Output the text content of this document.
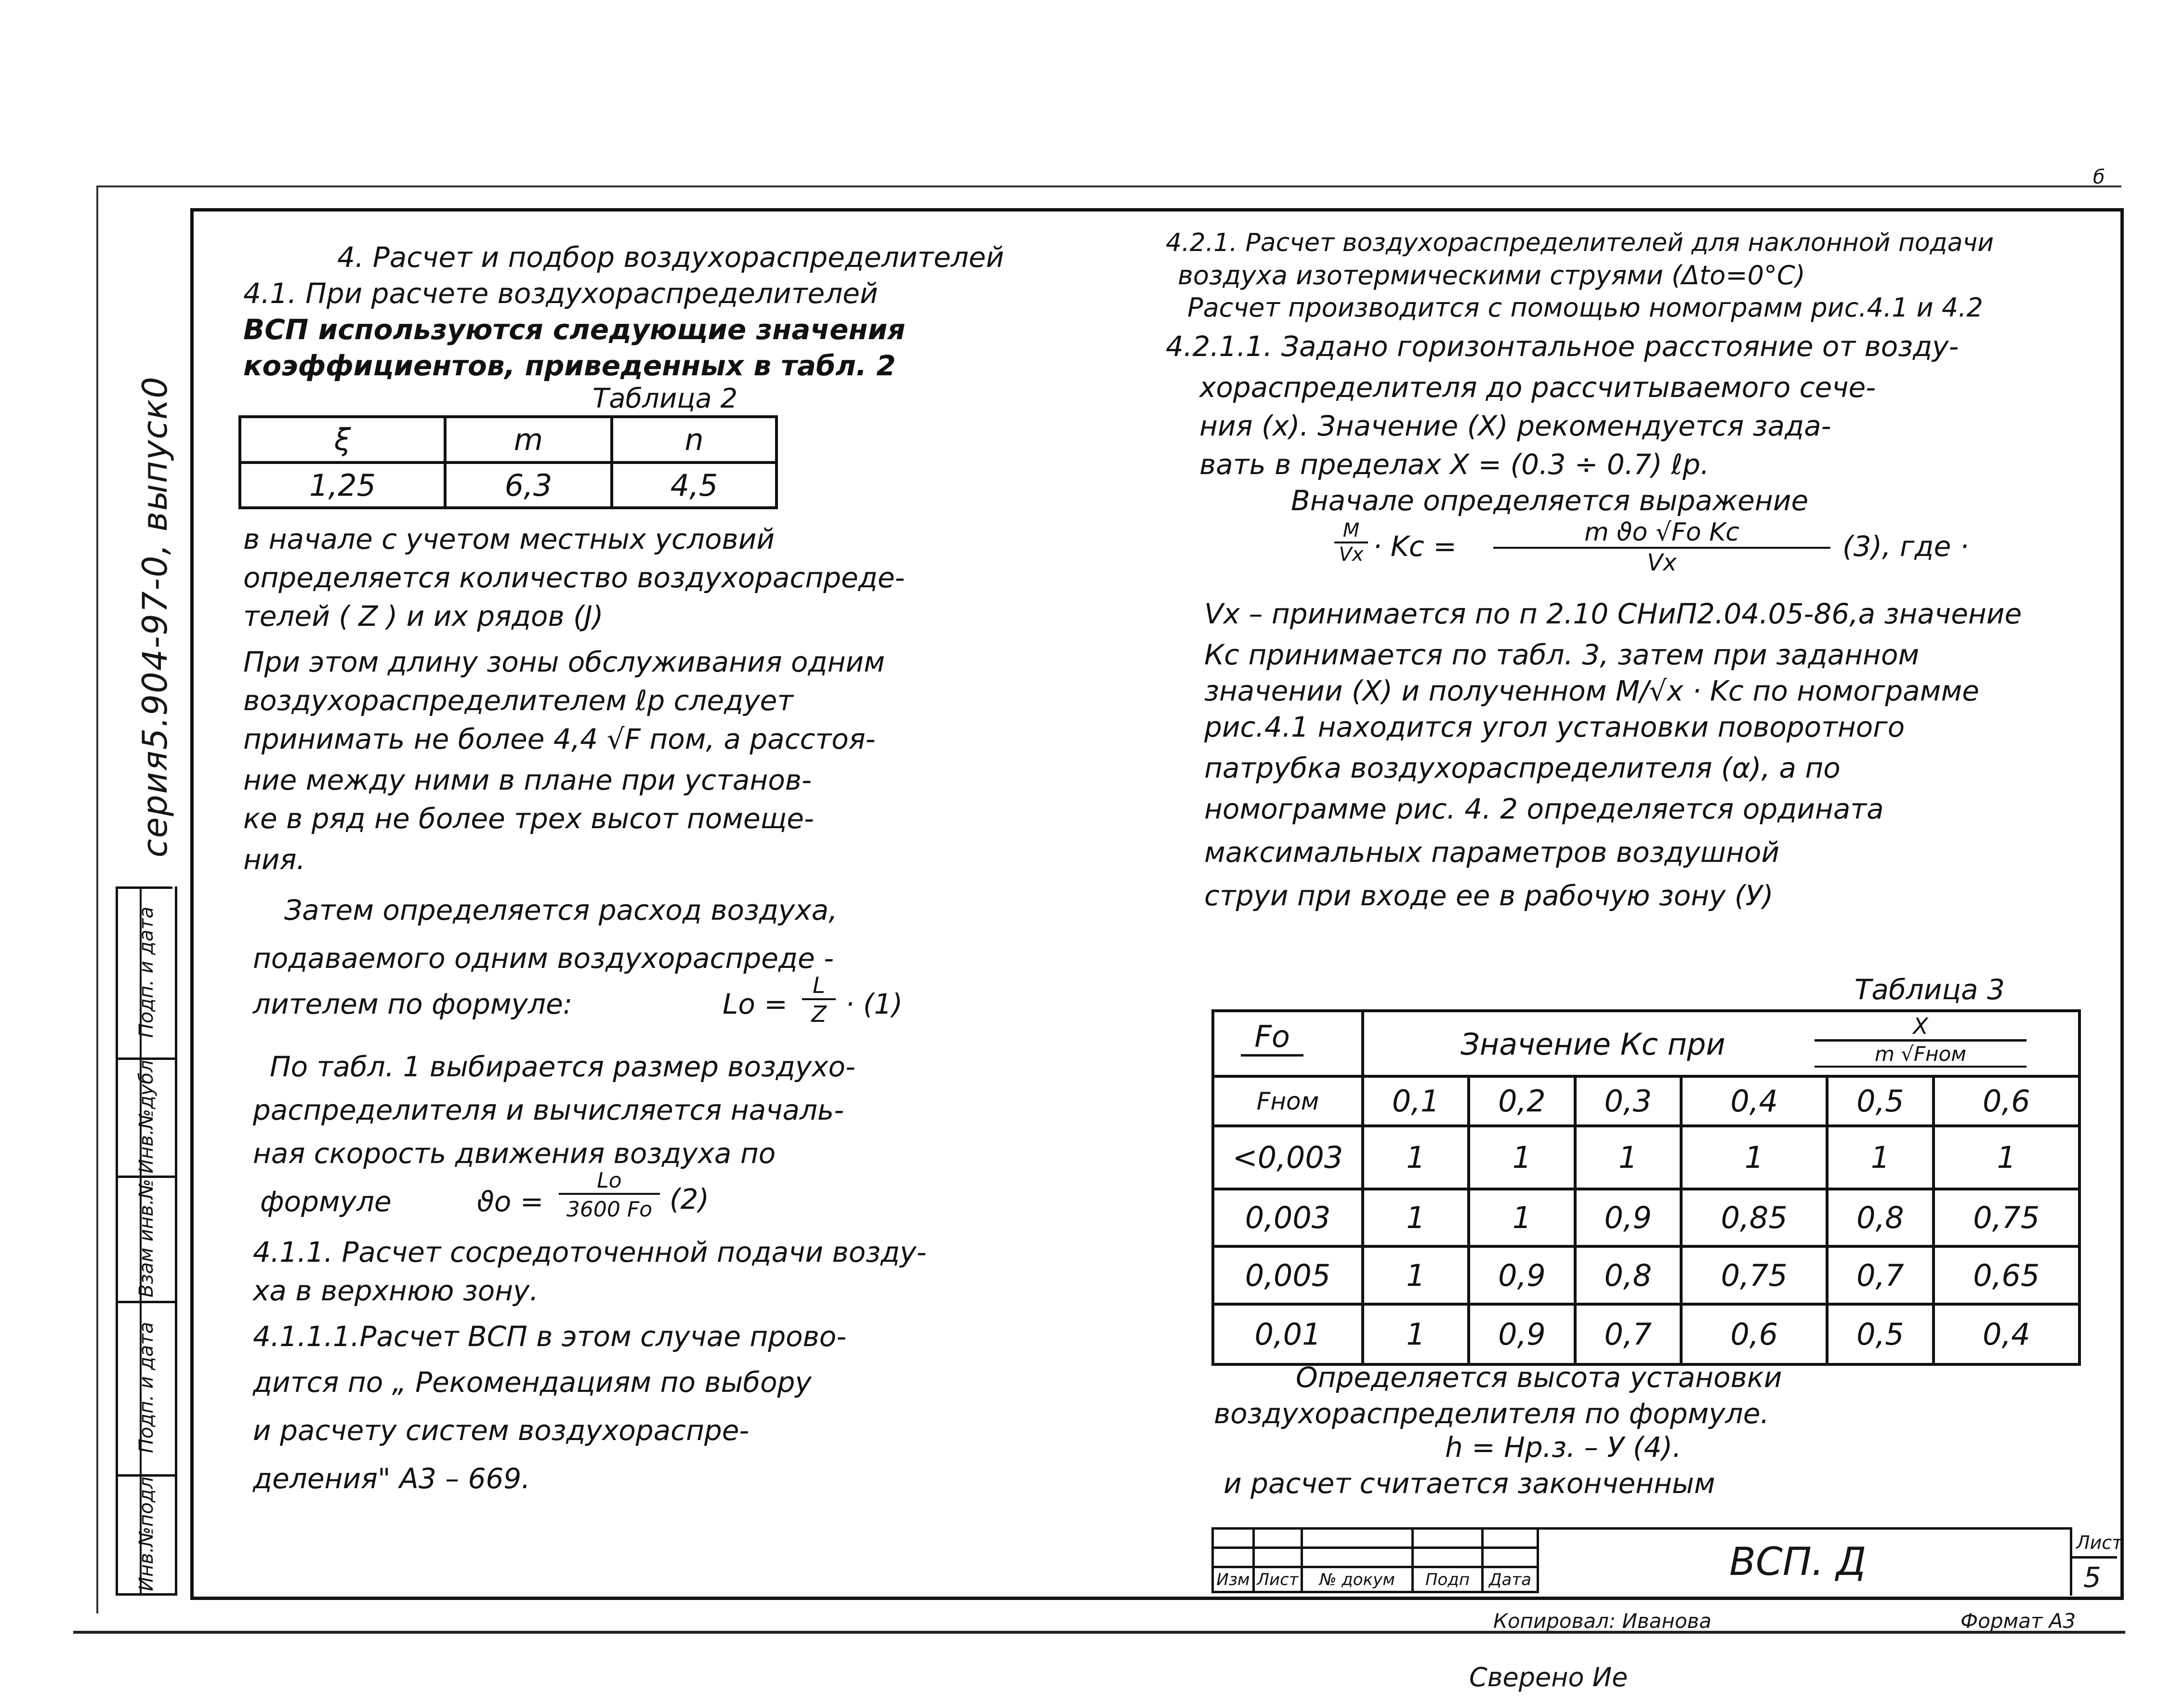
б
серия5.904-97-0, выпуск0
Подп. и дата
Инв.№дубл
Взам инв.№
Подп. и дата
Инв.№подл
4. Расчет и подбор воздухораспределителей
4.1. При расчете воздухораспределителей
ВСП используются следующие значения
коэффициентов, приведенных в табл. 2
Таблица 2
ξ	m	n
1,25	6,3	4,5
в начале с учетом местных условий
определяется количество воздухораспреде-
телей ( Z ) и их рядов (J)
При этом длину зоны обслуживания одним
воздухораспределителем ℓр следует
принимать не более 4,4 √F пом, а расстоя-
ние между ними в плане при установ-
ке в ряд не более трех высот помеще-
ния.
Затем определяется расход воздуха,
подаваемого одним воздухораспреде -
лителем по формуле:	Lо =
L
Z · (1)
По табл. 1 выбирается размер воздухо-
распределителя и вычисляется началь-
ная скорость движения воздуха по
формуле	ϑо =
Lо
3600 Fо (2)
4.1.1. Расчет сосредоточенной подачи возду-
ха в верхнюю зону.
4.1.1.1.Расчет ВСП в этом случае прово-
дится по „ Рекомендациям по выбору
и расчету систем воздухораспре-
деления" А3 – 669.
4.2.1. Расчет воздухораспределителей для наклонной подачи
воздуха изотермическими струями (Δtо=0°C)
Расчет производится с помощью номограмм рис.4.1 и 4.2
4.2.1.1. Задано горизонтальное расстояние от возду-
хораспределителя до рассчитываемого сече-
ния (x). Значение (X) рекомендуется зада-
вать в пределах X = (0.3 ÷ 0.7) ℓр.
Вначале определяется выражение
M
Vx · Kс =	m ϑо √Fо Kс
Vx	(3), где ·
Vx – принимается по п 2.10 СНиП2.04.05-86,а значение
Кс принимается по табл. 3, затем при заданном
значении (X) и полученном M/√x · Kс по номограмме
рис.4.1 находится угол установки поворотного
патрубка воздухораспределителя (α), а по
номограмме рис. 4. 2 определяется ордината
максимальных параметров воздушной
струи при входе ее в рабочую зону (У)
Таблица 3
Fо	Значение Кс при
X
m √Fном					

Fном	0,1	0,2	0,3	0,4	0,5	0,6
<0,003	1	1	1	1	1	1
0,003	1	1	0,9	0,85	0,8	0,75
0,005	1	0,9	0,8	0,75	0,7	0,65
0,01	1	0,9	0,7	0,6	0,5	0,4
Определяется высота установки
воздухораспределителя по формуле.
h = Hр.з. – У (4).
и расчет считается законченным

Изм	Лист	№ докум	Подп	Дата	ВСП. Д	Лист
5
Копировал: Иванова	Формат А3
Сверено Ие
